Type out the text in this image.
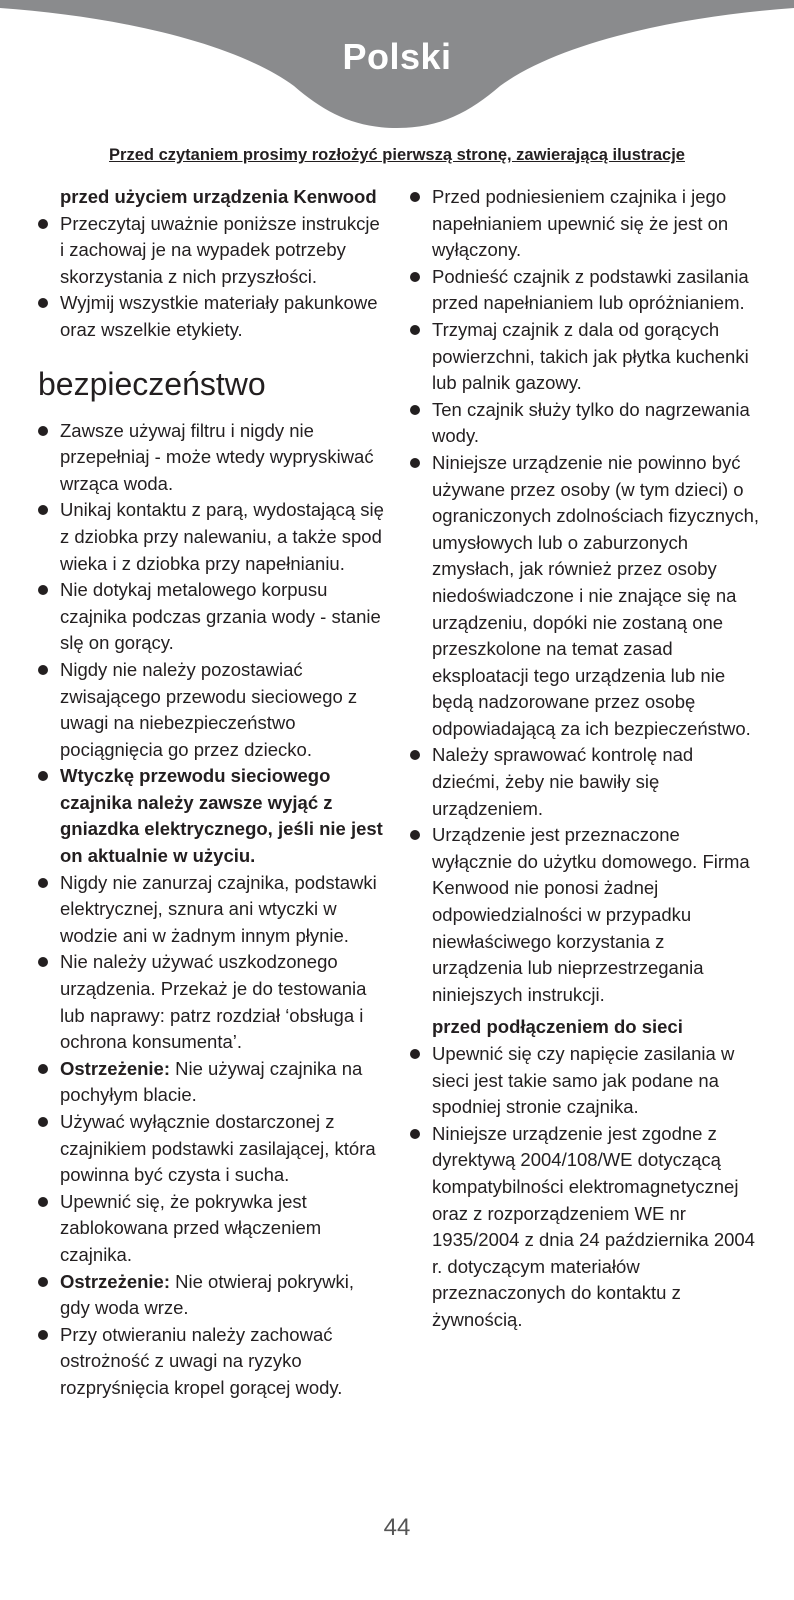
Polski
Przed czytaniem prosimy rozłożyć pierwszą stronę, zawierającą ilustracje
przed użyciem urządzenia Kenwood
Przeczytaj uważnie poniższe instrukcje i zachowaj je na wypadek potrzeby skorzystania z nich przyszłości.
Wyjmij wszystkie materiały pakunkowe oraz wszelkie etykiety.
bezpieczeństwo
Zawsze używaj filtru i nigdy nie przepełniaj - może wtedy wypryskiwać wrząca woda.
Unikaj kontaktu z parą, wydostającą się z dziobka przy nalewaniu, a także spod wieka i z dziobka przy napełnianiu.
Nie dotykaj metalowego korpusu czajnika podczas grzania wody - stanie slę on gorący.
Nigdy nie należy pozostawiać zwisającego przewodu sieciowego z uwagi na niebezpieczeństwo pociągnięcia go przez dziecko.
Wtyczkę przewodu sieciowego czajnika należy zawsze wyjąć z gniazdka elektrycznego, jeśli nie jest on aktualnie w użyciu.
Nigdy nie zanurzaj czajnika, podstawki elektrycznej, sznura ani wtyczki w wodzie ani w żadnym innym płynie.
Nie należy używać uszkodzonego urządzenia. Przekaż je do testowania lub naprawy: patrz rozdział ‘obsługa i ochrona konsumenta’.
Ostrzeżenie: Nie używaj czajnika na pochyłym blacie.
Używać wyłącznie dostarczonej z czajnikiem podstawki zasilającej, która powinna być czysta i sucha.
Upewnić się, że pokrywka jest zablokowana przed włączeniem czajnika.
Ostrzeżenie: Nie otwieraj pokrywki, gdy woda wrze.
Przy otwieraniu należy zachować ostrożność z uwagi na ryzyko rozpryśnięcia kropel gorącej wody.
Przed podniesieniem czajnika i jego napełnianiem upewnić się że jest on wyłączony.
Podnieść czajnik z podstawki zasilania przed napełnianiem lub opróżnianiem.
Trzymaj czajnik z dala od gorących powierzchni, takich jak płytka kuchenki lub palnik gazowy.
Ten czajnik służy tylko do nagrzewania wody.
Niniejsze urządzenie nie powinno być używane przez osoby (w tym dzieci) o ograniczonych zdolnościach fizycznych, umysłowych lub o zaburzonych zmysłach, jak również przez osoby niedoświadczone i nie znające się na urządzeniu, dopóki nie zostaną one przeszkolone na temat zasad eksploatacji tego urządzenia lub nie będą nadzorowane przez osobę odpowiadającą za ich bezpieczeństwo.
Należy sprawować kontrolę nad dziećmi, żeby nie bawiły się urządzeniem.
Urządzenie jest przeznaczone wyłącznie do użytku domowego. Firma Kenwood nie ponosi żadnej odpowiedzialności w przypadku niewłaściwego korzystania z urządzenia lub nieprzestrzegania niniejszych instrukcji.
przed podłączeniem do sieci
Upewnić się czy napięcie zasilania w sieci jest takie samo jak podane na spodniej stronie czajnika.
Niniejsze urządzenie jest zgodne z dyrektywą 2004/108/WE dotyczącą kompatybilności elektromagnetycznej oraz z rozporządzeniem WE nr 1935/2004 z dnia 24 października 2004 r. dotyczącym materiałów przeznaczonych do kontaktu z żywnością.
44
